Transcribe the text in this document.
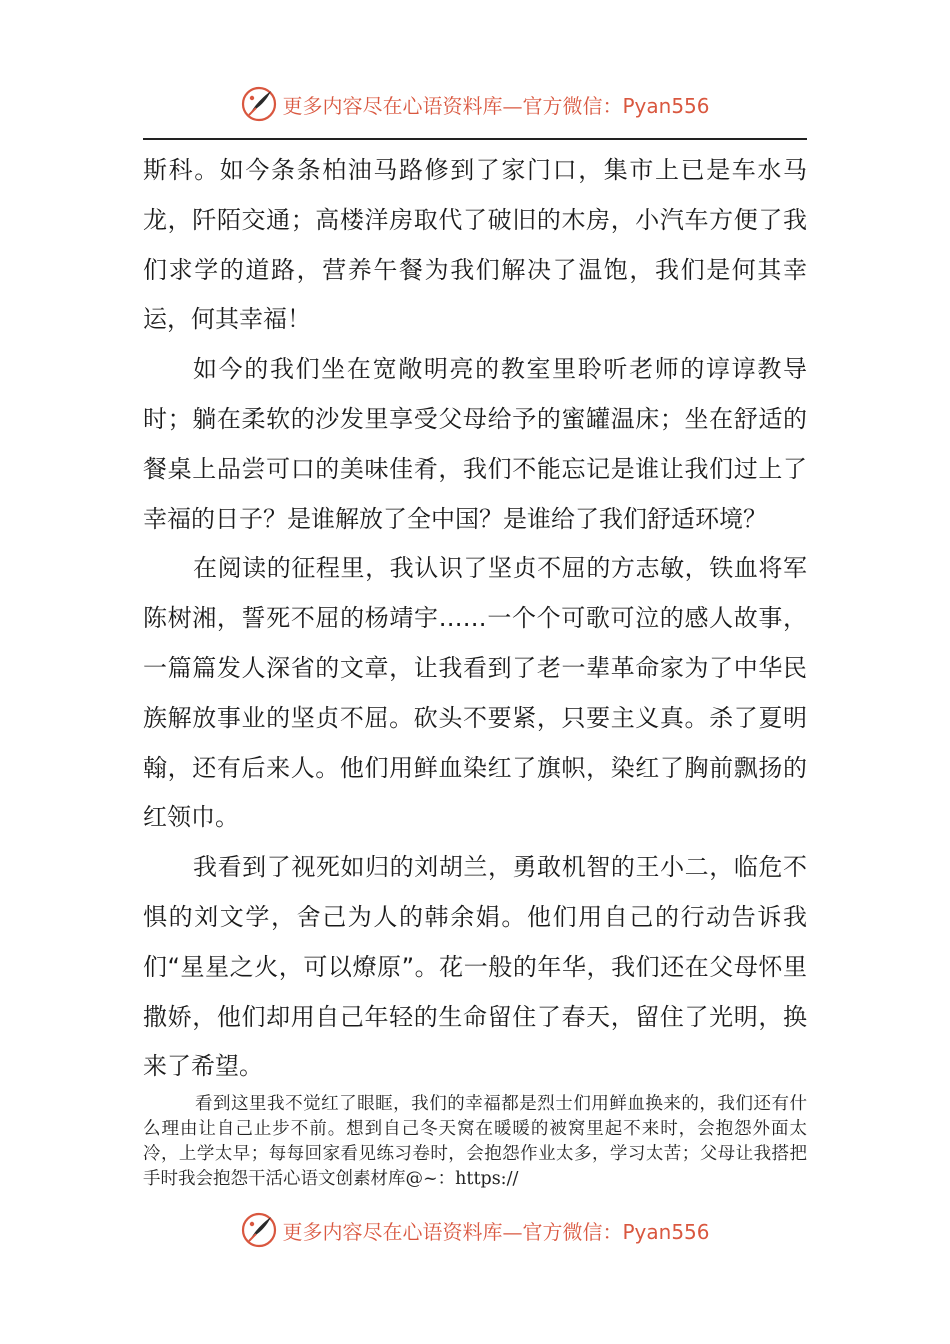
更多内容尽在心语资料库—官方微信：Pyan556

斯科。如今条条柏油马路修到了家门口，集市上已是车水马龙，阡陌交通；高楼洋房取代了破旧的木房，小汽车方便了我们求学的道路，营养午餐为我们解决了温饱，我们是何其幸运，何其幸福！

如今的我们坐在宽敞明亮的教室里聆听老师的谆谆教导时；躺在柔软的沙发里享受父母给予的蜜罐温床；坐在舒适的餐桌上品尝可口的美味佳肴，我们不能忘记是谁让我们过上了幸福的日子？是谁解放了全中国？是谁给了我们舒适环境？

在阅读的征程里，我认识了坚贞不屈的方志敏，铁血将军陈树湘，誓死不屈的杨靖宇……一个个可歌可泣的感人故事，一篇篇发人深省的文章，让我看到了老一辈革命家为了中华民族解放事业的坚贞不屈。砍头不要紧，只要主义真。杀了夏明翰，还有后来人。他们用鲜血染红了旗帜，染红了胸前飘扬的红领巾。

我看到了视死如归的刘胡兰，勇敢机智的王小二，临危不惧的刘文学，舍己为人的韩余娟。他们用自己的行动告诉我们“星星之火，可以燎原”。花一般的年华，我们还在父母怀里撒娇，他们却用自己年轻的生命留住了春天，留住了光明，换来了希望。

看到这里我不觉红了眼眶，我们的幸福都是烈士们用鲜血换来的，我们还有什么理由让自己止步不前。想到自己冬天窝在暖暖的被窝里起不来时，会抱怨外面太冷，上学太早；每每回家看见练习卷时，会抱怨作业太多，学习太苦；父母让我搭把手时我会抱怨干活心语文创素材库@~：https://

更多内容尽在心语资料库—官方微信：Pyan556
